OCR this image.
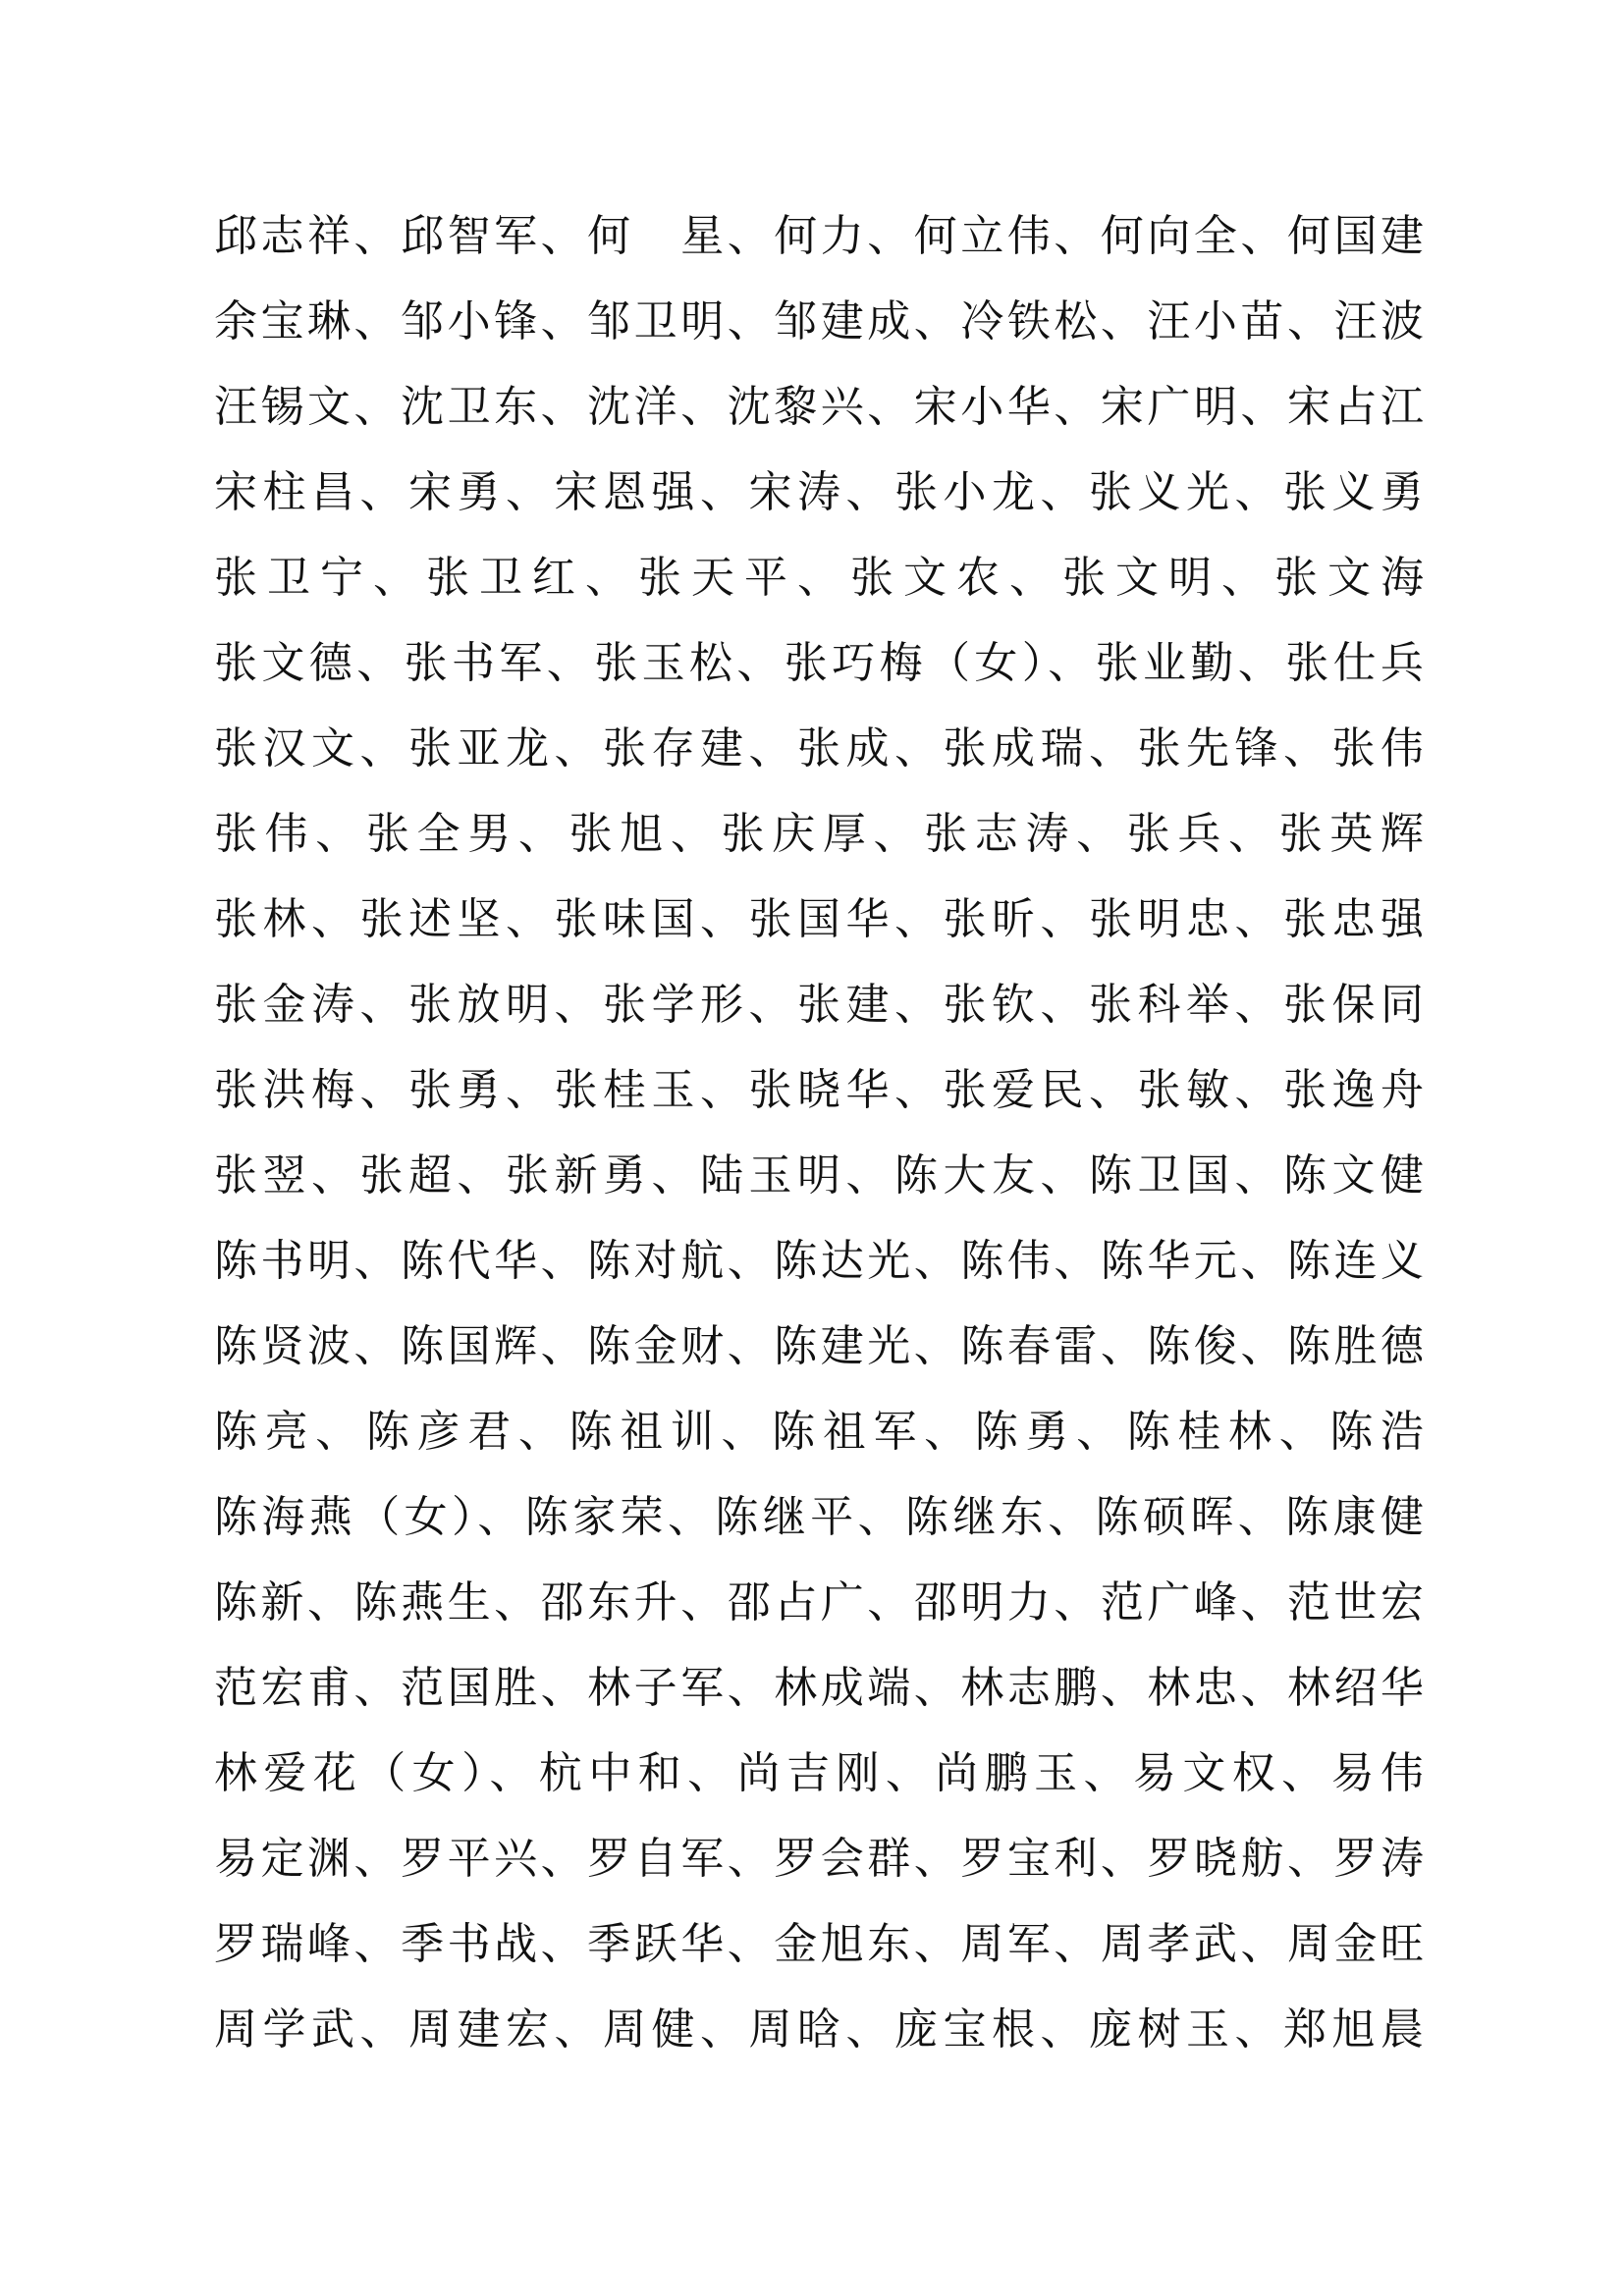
邱志祥、邱智军、何　星、何力、何立伟、何向全、何国建
余宝琳、邹小锋、邹卫明、邹建成、冷铁松、汪小苗、汪波
汪锡文、沈卫东、沈洋、沈黎兴、宋小华、宋广明、宋占江
宋柱昌、宋勇、宋恩强、宋涛、张小龙、张义光、张义勇
张卫宁、张卫红、张天平、张文农、张文明、张文海
张文德、张书军、张玉松、张巧梅（女）、张业勤、张仕兵
张汉文、张亚龙、张存建、张成、张成瑞、张先锋、张伟
张伟、张全男、张旭、张庆厚、张志涛、张兵、张英辉
张林、张述坚、张味国、张国华、张昕、张明忠、张忠强
张金涛、张放明、张学形、张建、张钦、张科举、张保同
张洪梅、张勇、张桂玉、张晓华、张爱民、张敏、张逸舟
张翌、张超、张新勇、陆玉明、陈大友、陈卫国、陈文健
陈书明、陈代华、陈对航、陈达光、陈伟、陈华元、陈连义
陈贤波、陈国辉、陈金财、陈建光、陈春雷、陈俊、陈胜德
陈亮、陈彦君、陈祖训、陈祖军、陈勇、陈桂林、陈浩
陈海燕（女）、陈家荣、陈继平、陈继东、陈硕晖、陈康健
陈新、陈燕生、邵东升、邵占广、邵明力、范广峰、范世宏
范宏甫、范国胜、林子军、林成端、林志鹏、林忠、林绍华
林爱花（女）、杭中和、尚吉刚、尚鹏玉、易文权、易伟
易定渊、罗平兴、罗自军、罗会群、罗宝利、罗晓舫、罗涛
罗瑞峰、季书战、季跃华、金旭东、周军、周孝武、周金旺
周学武、周建宏、周健、周晗、庞宝根、庞树玉、郑旭晨
